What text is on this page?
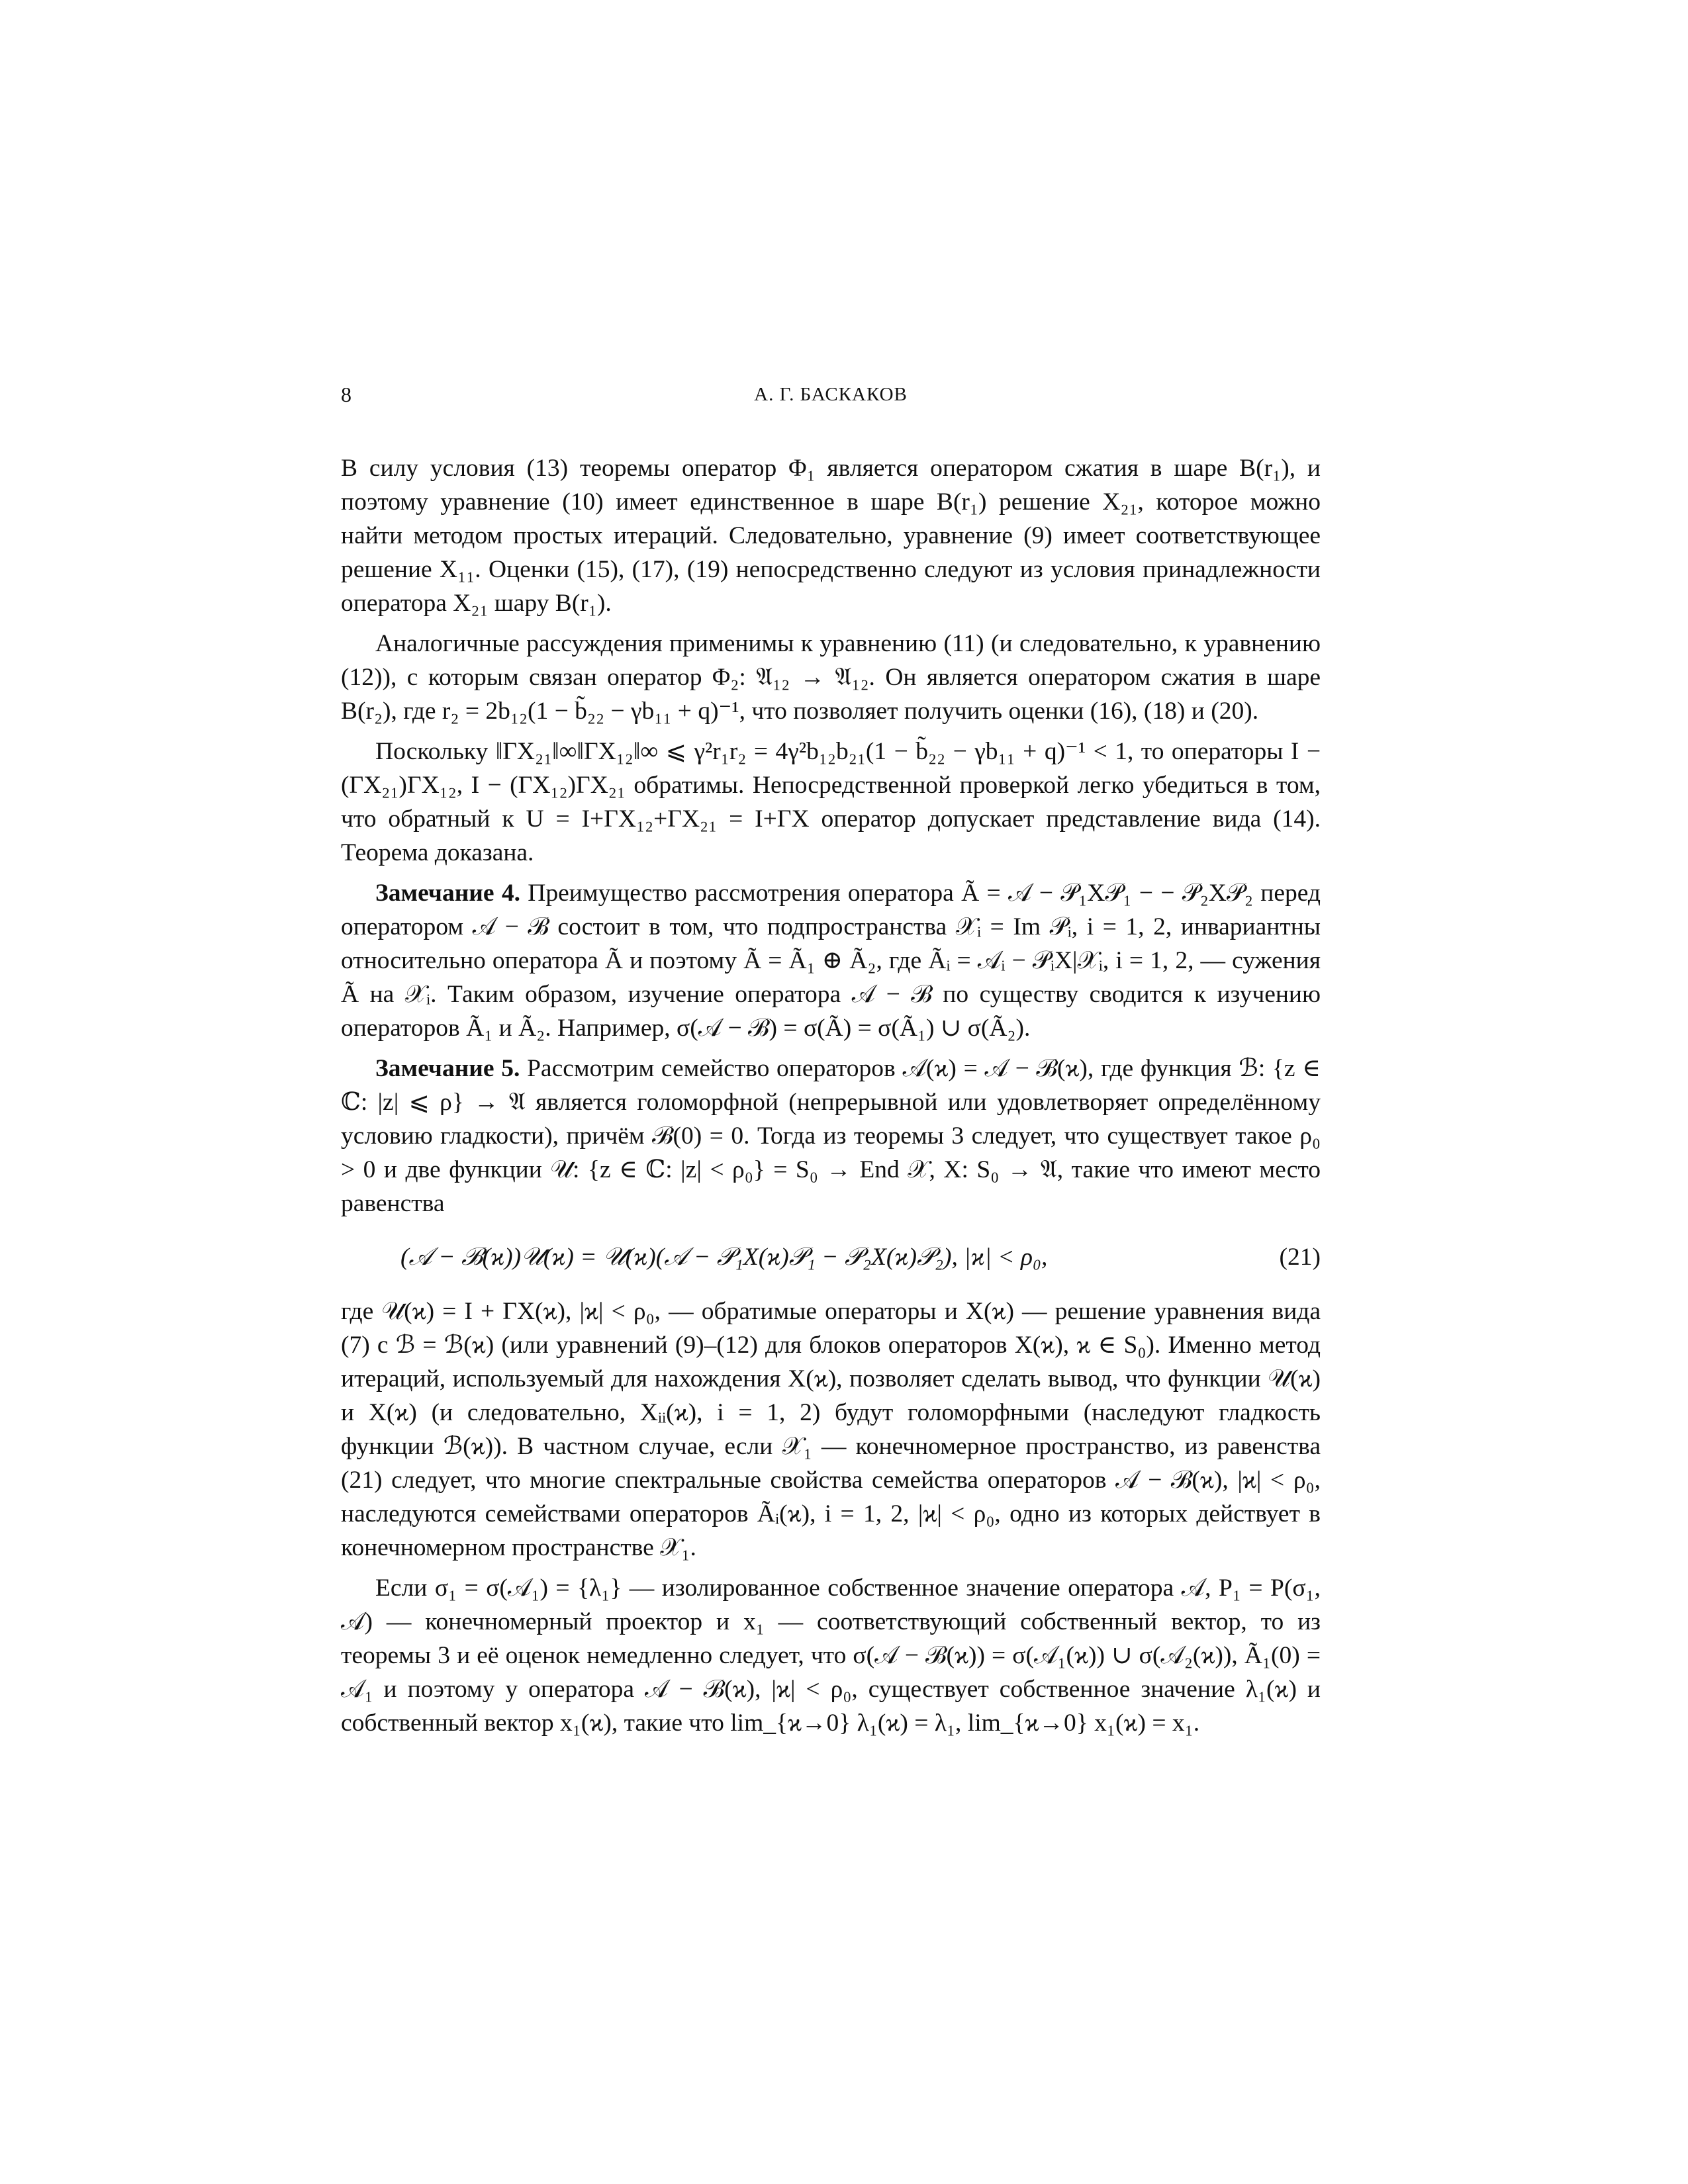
8	А. Г. БАСКАКОВ

В силу условия (13) теоремы оператор Φ₁ является оператором сжатия в шаре B(r₁), и поэтому уравнение (10) имеет единственное в шаре B(r₁) решение X₂₁, которое можно найти методом простых итераций. Следовательно, уравнение (9) имеет соответствующее решение X₁₁. Оценки (15), (17), (19) непосредственно следуют из условия принадлежности оператора X₂₁ шару B(r₁).

Аналогичные рассуждения применимы к уравнению (11) (и следовательно, к уравнению (12)), с которым связан оператор Φ₂: 𝔄₁₂ → 𝔄₁₂. Он является оператором сжатия в шаре B(r₂), где r₂ = 2b₁₂(1 − b̃₂₂ − γb₁₁ + q)⁻¹, что позволяет получить оценки (16), (18) и (20).

Поскольку ‖ΓX₂₁‖∞‖ΓX₁₂‖∞ ⩽ γ²r₁r₂ = 4γ²b₁₂b₂₁(1 − b̃₂₂ − γb₁₁ + q)⁻¹ < 1, то операторы I − (ΓX₂₁)ΓX₁₂, I − (ΓX₁₂)ΓX₂₁ обратимы. Непосредственной проверкой легко убедиться в том, что обратный к U = I+ΓX₁₂+ΓX₂₁ = I+ΓX оператор допускает представление вида (14). Теорема доказана.

Замечание 4. Преимущество рассмотрения оператора Ã = 𝒜 − 𝒫₁X𝒫₁ − − 𝒫₂X𝒫₂ перед оператором 𝒜 − ℬ состоит в том, что подпространства 𝒳ᵢ = Im 𝒫ᵢ, i = 1, 2, инвариантны относительно оператора Ã и поэтому Ã = Ã₁ ⊕ Ã₂, где Ãᵢ = 𝒜ᵢ − 𝒫ᵢX|𝒳ᵢ, i = 1, 2, — сужения Ã на 𝒳ᵢ. Таким образом, изучение оператора 𝒜 − ℬ по существу сводится к изучению операторов Ã₁ и Ã₂. Например, σ(𝒜 − ℬ) = σ(Ã) = σ(Ã₁) ∪ σ(Ã₂).

Замечание 5. Рассмотрим семейство операторов 𝒜(ϰ) = 𝒜 − ℬ(ϰ), где функция ℬ: {z ∈ ℂ: |z| ⩽ ρ} → 𝔄 является голоморфной (непрерывной или удовлетворяет определённому условию гладкости), причём ℬ(0) = 0. Тогда из теоремы 3 следует, что существует такое ρ₀ > 0 и две функции 𝒰: {z ∈ ℂ: |z| < ρ₀} = S₀ → End 𝒳, X: S₀ → 𝔄, такие что имеют место равенства

(𝒜 − ℬ(ϰ))𝒰(ϰ) = 𝒰(ϰ)(𝒜 − 𝒫₁X(ϰ)𝒫₁ − 𝒫₂X(ϰ)𝒫₂), |ϰ| < ρ₀,	(21)

где 𝒰(ϰ) = I + ΓX(ϰ), |ϰ| < ρ₀, — обратимые операторы и X(ϰ) — решение уравнения вида (7) с ℬ = ℬ(ϰ) (или уравнений (9)–(12) для блоков операторов X(ϰ), ϰ ∈ S₀). Именно метод итераций, используемый для нахождения X(ϰ), позволяет сделать вывод, что функции 𝒰(ϰ) и X(ϰ) (и следовательно, Xᵢᵢ(ϰ), i = 1, 2) будут голоморфными (наследуют гладкость функции ℬ(ϰ)). В частном случае, если 𝒳₁ — конечномерное пространство, из равенства (21) следует, что многие спектральные свойства семейства операторов 𝒜 − ℬ(ϰ), |ϰ| < ρ₀, наследуются семействами операторов Ãᵢ(ϰ), i = 1, 2, |ϰ| < ρ₀, одно из которых действует в конечномерном пространстве 𝒳₁.

Если σ₁ = σ(𝒜₁) = {λ₁} — изолированное собственное значение оператора 𝒜, P₁ = P(σ₁, 𝒜) — конечномерный проектор и x₁ — соответствующий собственный вектор, то из теоремы 3 и её оценок немедленно следует, что σ(𝒜 − ℬ(ϰ)) = σ(𝒜₁(ϰ)) ∪ σ(𝒜₂(ϰ)), Ã₁(0) = 𝒜₁ и поэтому у оператора 𝒜 − ℬ(ϰ), |ϰ| < ρ₀, существует собственное значение λ₁(ϰ) и собственный вектор x₁(ϰ), такие что lim_{ϰ→0} λ₁(ϰ) = λ₁, lim_{ϰ→0} x₁(ϰ) = x₁.
